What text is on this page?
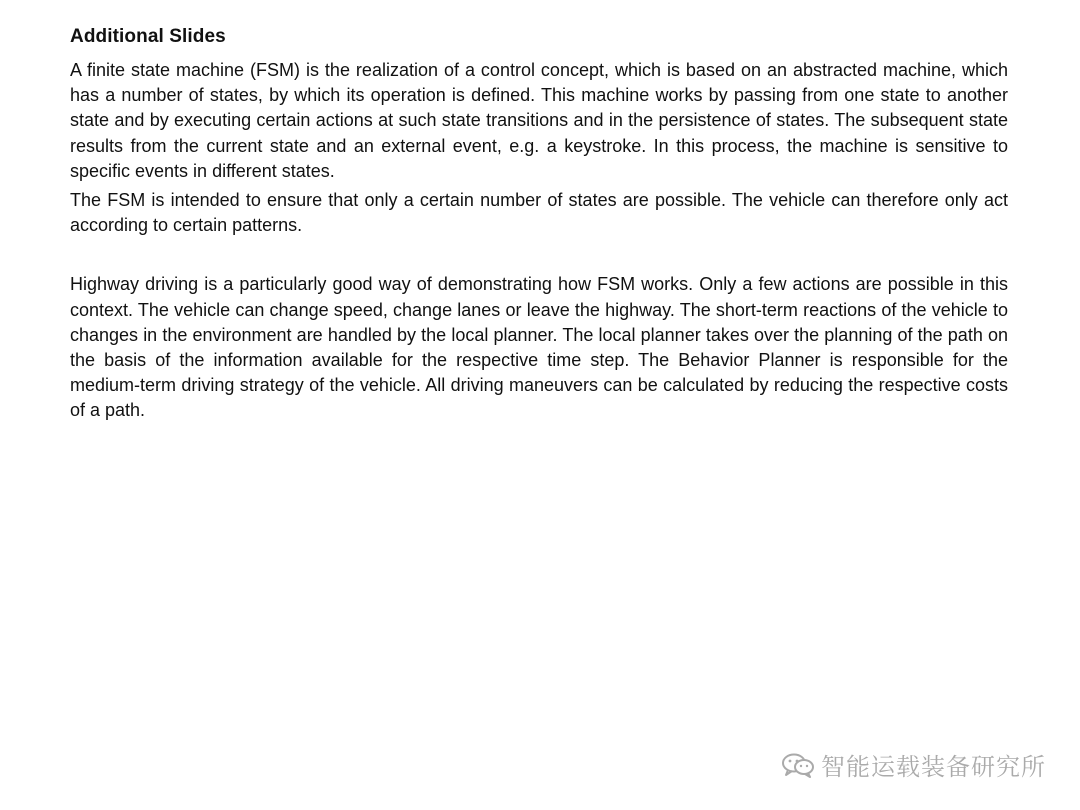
Additional Slides

A finite state machine (FSM) is the realization of a control concept, which is based on an abstracted machine, which has a number of states, by which its operation is defined. This machine works by passing from one state to another state and by executing certain actions at such state transitions and in the persistence of states. The subsequent state results from the current state and an external event, e.g. a keystroke. In this process, the machine is sensitive to specific events in different states.

The FSM is intended to ensure that only a certain number of states are possible. The vehicle can therefore only act according to certain patterns.

Highway driving is a particularly good way of demonstrating how FSM works. Only a few actions are possible in this context. The vehicle can change speed, change lanes or leave the highway. The short-term reactions of the vehicle to changes in the environment are handled by the local planner. The local planner takes over the planning of the path on the basis of the information available for the respective time step. The Behavior Planner is responsible for the medium-term driving strategy of the vehicle. All driving maneuvers can be calculated by reducing the respective costs of a path.

智能运载装备研究所
